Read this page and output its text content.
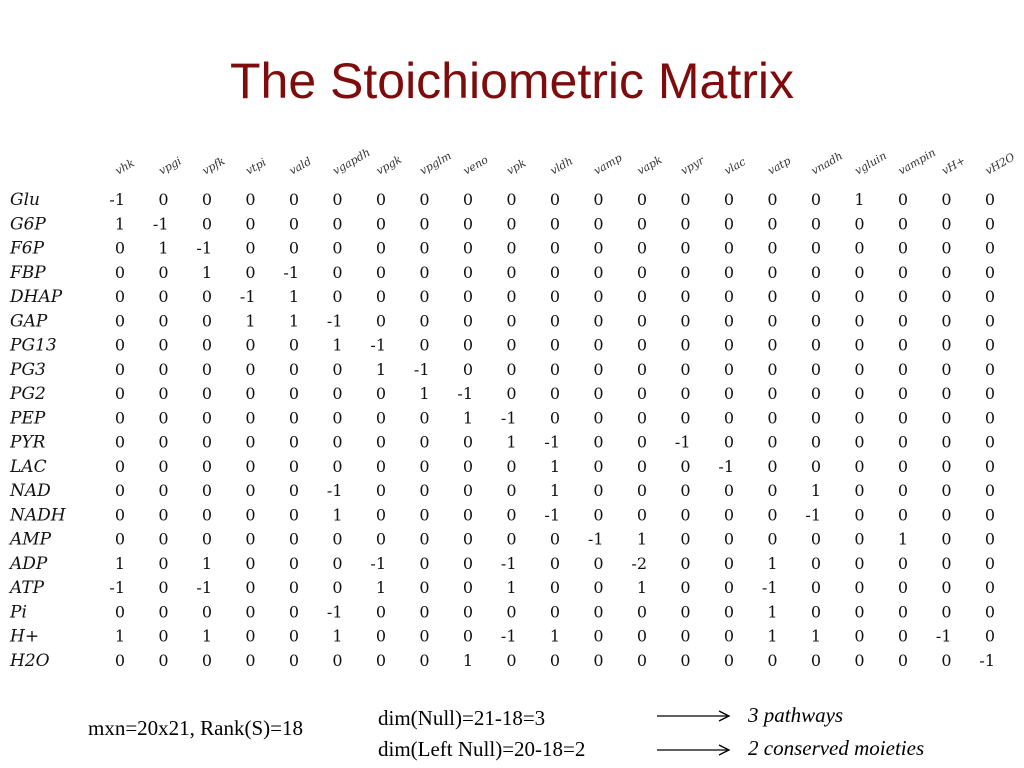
The Stoichiometric Matrix
vhk vpgi vpfk vtpi vald vgapdh vpgk vpglm veno vpk vldh vamp vapk vpyr vlac vatp vnadh vgluin vampin vH+ vH2O
Glu
G6P
F6P
FBP
DHAP
GAP
PG13
PG3
PG2
PEP
PYR
LAC
NAD
NADH
AMP
ADP
ATP
Pi
H+
H2O
-1 0 0 0 0 0 0 0 0 0 0 0 0 0 0 0 0 1 0 0 0
1 -1 0 0 0 0 0 0 0 0 0 0 0 0 0 0 0 0 0 0 0
0 1 -1 0 0 0 0 0 0 0 0 0 0 0 0 0 0 0 0 0 0
0 0 1 0 -1 0 0 0 0 0 0 0 0 0 0 0 0 0 0 0 0
0 0 0 -1 1 0 0 0 0 0 0 0 0 0 0 0 0 0 0 0 0
0 0 0 1 1 -1 0 0 0 0 0 0 0 0 0 0 0 0 0 0 0
0 0 0 0 0 1 -1 0 0 0 0 0 0 0 0 0 0 0 0 0 0
0 0 0 0 0 0 1 -1 0 0 0 0 0 0 0 0 0 0 0 0 0
0 0 0 0 0 0 0 1 -1 0 0 0 0 0 0 0 0 0 0 0 0
0 0 0 0 0 0 0 0 1 -1 0 0 0 0 0 0 0 0 0 0 0
0 0 0 0 0 0 0 0 0 1 -1 0 0 -1 0 0 0 0 0 0 0
0 0 0 0 0 0 0 0 0 0 1 0 0 0 -1 0 0 0 0 0 0
0 0 0 0 0 -1 0 0 0 0 1 0 0 0 0 0 1 0 0 0 0
0 0 0 0 0 1 0 0 0 0 -1 0 0 0 0 0 -1 0 0 0 0
0 0 0 0 0 0 0 0 0 0 0 -1 1 0 0 0 0 0 1 0 0
1 0 1 0 0 0 -1 0 0 -1 0 0 -2 0 0 1 0 0 0 0 0
-1 0 -1 0 0 0 1 0 0 1 0 0 1 0 0 -1 0 0 0 0 0
0 0 0 0 0 -1 0 0 0 0 0 0 0 0 0 1 0 0 0 0 0
1 0 1 0 0 1 0 0 0 -1 1 0 0 0 0 1 1 0 0 -1 0
0 0 0 0 0 0 0 0 1 0 0 0 0 0 0 0 0 0 0 0 -1
mxn=20x21, Rank(S)=18	dim(Null)=21-18=3
dim(Left Null)=20-18=2
3 pathways
2 conserved moieties
